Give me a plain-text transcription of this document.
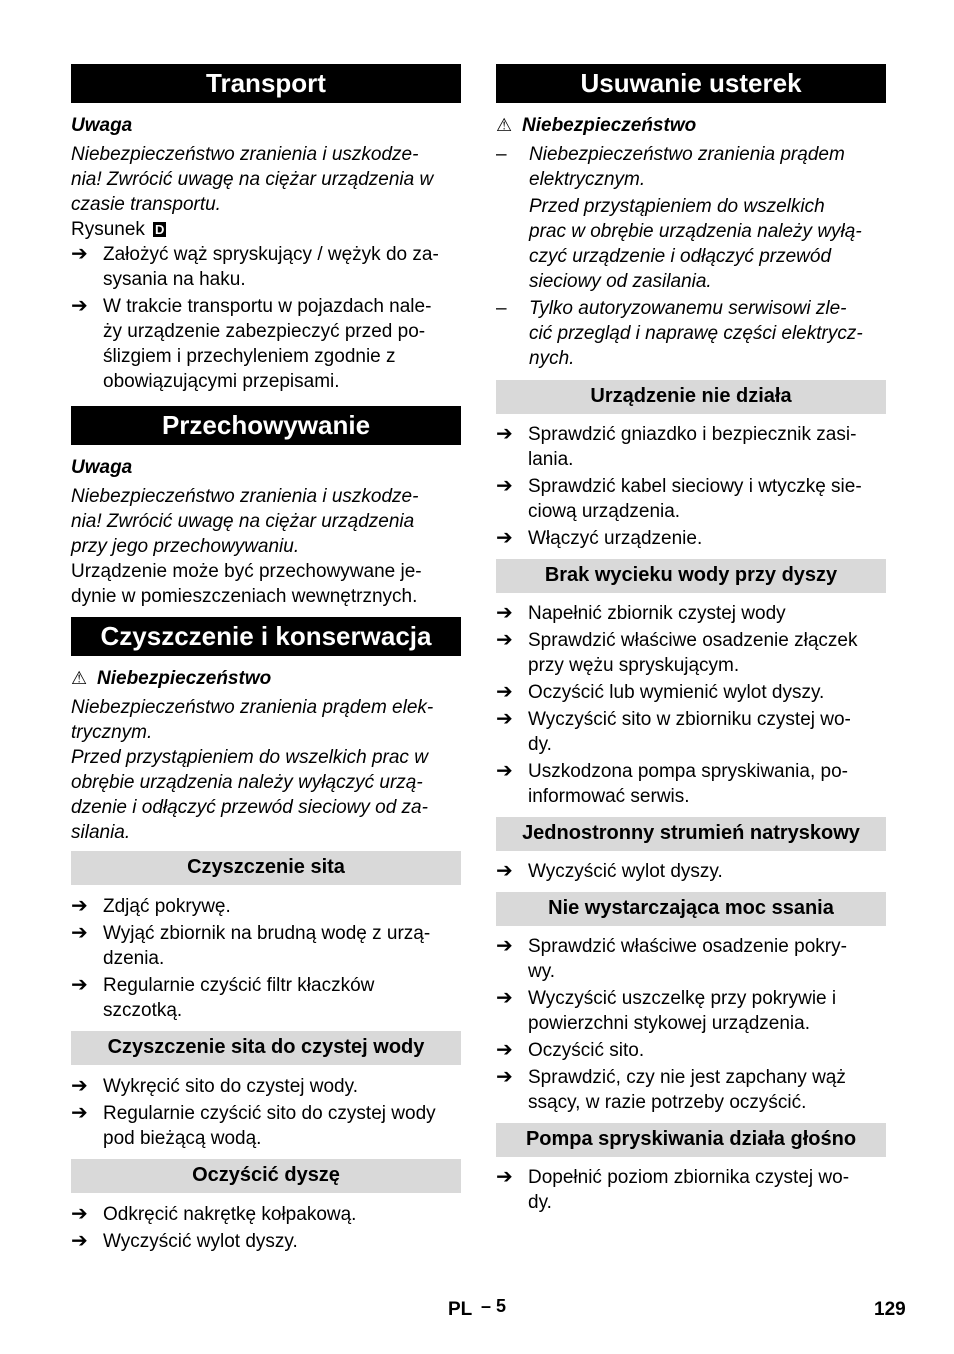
Transport

Uwaga

Niebezpieczeństwo zranienia i uszkodze-

nia! Zwrócić uwagę na ciężar urządzenia w

czasie transportu.

Rysunek D

➔ Założyć wąż spryskujący / wężyk do za-

sysania na haku.

➔ W trakcie transportu w pojazdach nale-

ży urządzenie zabezpieczyć przed po-

ślizgiem i przechyleniem zgodnie z

obowiązującymi przepisami.

Przechowywanie

Uwaga

Niebezpieczeństwo zranienia i uszkodze-

nia! Zwrócić uwagę na ciężar urządzenia

przy jego przechowywaniu.

Urządzenie może być przechowywane je-

dynie w pomieszczeniach wewnętrznych.

Czyszczenie i konserwacja

⚠ Niebezpieczeństwo

Niebezpieczeństwo zranienia prądem elek-

trycznym.

Przed przystąpieniem do wszelkich prac w

obrębie urządzenia należy wyłączyć urzą-

dzenie i odłączyć przewód sieciowy od za-

silania.

Czyszczenie sita
➔ Zdjąć pokrywę.

➔ Wyjąć zbiornik na brudną wodę z urzą-

dzenia.

➔ Regularnie czyścić filtr kłaczków

szczotką.

Czyszczenie sita do czystej wody
➔ Wykręcić sito do czystej wody.

➔ Regularnie czyścić sito do czystej wody

pod bieżącą wodą.

Oczyścić dyszę
➔ Odkręcić nakrętkę kołpakową.

➔ Wyczyścić wylot dyszy.

Usuwanie usterek

⚠ Niebezpieczeństwo

–	Niebezpieczeństwo zranienia prądem

elektrycznym.

Przed przystąpieniem do wszelkich

prac w obrębie urządzenia należy wyłą-

czyć urządzenie i odłączyć przewód

sieciowy od zasilania.

–	Tylko autoryzowanemu serwisowi zle-

cić przegląd i naprawę części elektrycz-

nych.

Urządzenie nie działa
➔ Sprawdzić gniazdko i bezpiecznik zasi-

lania.

➔ Sprawdzić kabel sieciowy i wtyczkę sie-

ciową urządzenia.

➔ Włączyć urządzenie.

Brak wycieku wody przy dyszy
➔ Napełnić zbiornik czystej wody

➔ Sprawdzić właściwe osadzenie złączek

przy wężu spryskującym.

➔ Oczyścić lub wymienić wylot dyszy.

➔ Wyczyścić sito w zbiorniku czystej wo-

dy.

➔ Uszkodzona pompa spryskiwania, po-

informować serwis.

Jednostronny strumień natryskowy
➔ Wyczyścić wylot dyszy.

Nie wystarczająca moc ssania
➔ Sprawdzić właściwe osadzenie pokry-

wy.

➔ Wyczyścić uszczelkę przy pokrywie i

powierzchni stykowej urządzenia.

➔ Oczyścić sito.

➔ Sprawdzić, czy nie jest zapchany wąż

ssący, w razie potrzeby oczyścić.

Pompa spryskiwania działa głośno
➔ Dopełnić poziom zbiornika czystej wo-

dy.

PL – 5	129
